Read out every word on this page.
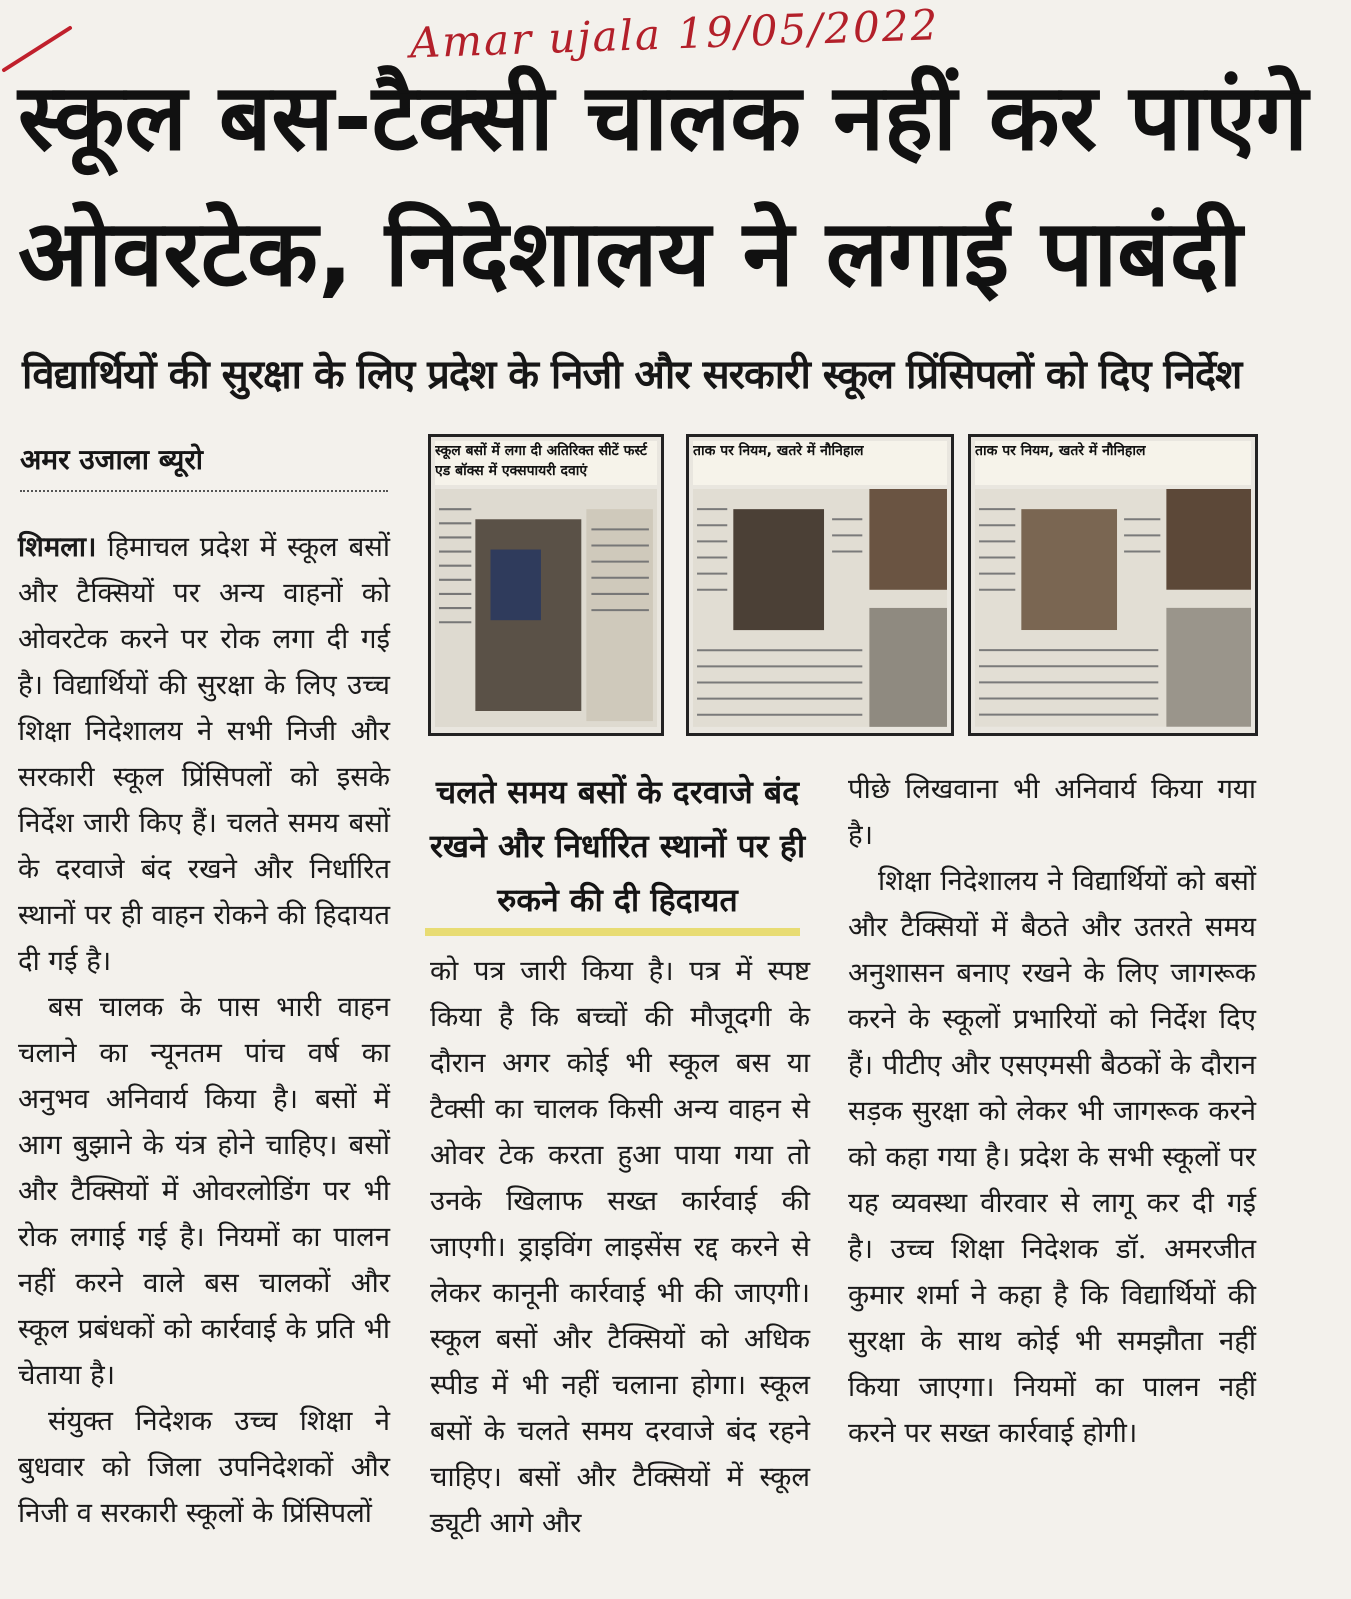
Amar ujala 19/05/2022
स्कूल बस-टैक्सी चालक नहीं कर पाएंगे
ओवरटेक, निदेशालय ने लगाई पाबंदी
विद्यार्थियों की सुरक्षा के लिए प्रदेश के निजी और सरकारी स्कूल प्रिंसिपलों को दिए निर्देश
अमर उजाला ब्यूरो

शिमला। हिमाचल प्रदेश में स्कूल बसों और टैक्सियों पर अन्य वाहनों को ओवरटेक करने पर रोक लगा दी गई है। विद्यार्थियों की सुरक्षा के लिए उच्च शिक्षा निदेशालय ने सभी निजी और सरकारी स्कूल प्रिंसिपलों को इसके निर्देश जारी किए हैं। चलते समय बसों के दरवाजे बंद रखने और निर्धारित स्थानों पर ही वाहन रोकने की हिदायत दी गई है।

बस चालक के पास भारी वाहन चलाने का न्यूनतम पांच वर्ष का अनुभव अनिवार्य किया है। बसों में आग बुझाने के यंत्र होने चाहिए। बसों और टैक्सियों में ओवरलोडिंग पर भी रोक लगाई गई है। नियमों का पालन नहीं करने वाले बस चालकों और स्कूल प्रबंधकों को कार्रवाई के प्रति भी चेताया है।

संयुक्त निदेशक उच्च शिक्षा ने बुधवार को जिला उपनिदेशकों और निजी व सरकारी स्कूलों के प्रिंसिपलों

स्कूल बसों में लगा दी अतिरिक्त सीटें फर्स्ट एड बॉक्स में एक्सपायरी दवाएं
ताक पर नियम, खतरे में नौनिहाल	ताक पर नियम, खतरे में नौनिहाल
चलते समय बसों के दरवाजे बंद रखने और निर्धारित स्थानों पर ही रुकने की दी हिदायत

को पत्र जारी किया है। पत्र में स्पष्ट किया है कि बच्चों की मौजूदगी के दौरान अगर कोई भी स्कूल बस या टैक्सी का चालक किसी अन्य वाहन से ओवर टेक करता हुआ पाया गया तो उनके खिलाफ सख्त कार्रवाई की जाएगी। ड्राइविंग लाइसेंस रद्द करने से लेकर कानूनी कार्रवाई भी की जाएगी। स्कूल बसों और टैक्सियों को अधिक स्पीड में भी नहीं चलाना होगा। स्कूल बसों के चलते समय दरवाजे बंद रहने चाहिए। बसों और टैक्सियों में स्कूल ड्यूटी आगे और

पीछे लिखवाना भी अनिवार्य किया गया है।

शिक्षा निदेशालय ने विद्यार्थियों को बसों और टैक्सियों में बैठते और उतरते समय अनुशासन बनाए रखने के लिए जागरूक करने के स्कूलों प्रभारियों को निर्देश दिए हैं। पीटीए और एसएमसी बैठकों के दौरान सड़क सुरक्षा को लेकर भी जागरूक करने को कहा गया है। प्रदेश के सभी स्कूलों पर यह व्यवस्था वीरवार से लागू कर दी गई है। उच्च शिक्षा निदेशक डॉ. अमरजीत कुमार शर्मा ने कहा है कि विद्यार्थियों की सुरक्षा के साथ कोई भी समझौता नहीं किया जाएगा। नियमों का पालन नहीं करने पर सख्त कार्रवाई होगी।
